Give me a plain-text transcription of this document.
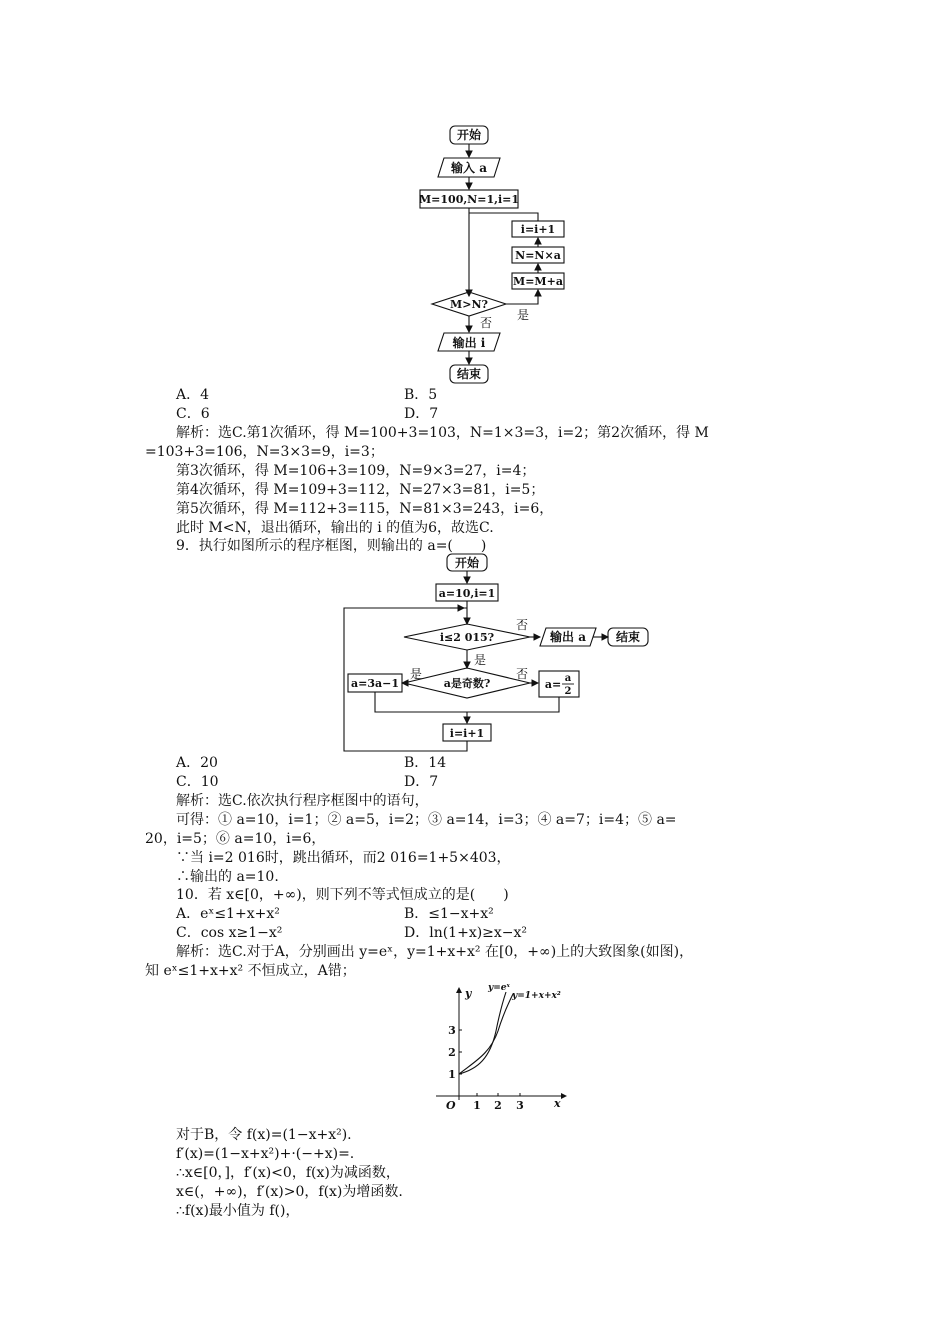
开始
输入 a
M=100,N=1,i=1
i=i+1
N=N×a
M=M+a
M>N?
是
否
输出 i
结束
A．4	B．5
C．6	D．7
解析：选C.第1次循环，得 M=100+3=103，N=1×3=3，i=2；第2次循环，得 M
=103+3=106，N=3×3=9，i=3；
第3次循环，得 M=106+3=109，N=9×3=27，i=4；
第4次循环，得 M=109+3=112，N=27×3=81，i=5；
第5次循环，得 M=112+3=115，N=81×3=243，i=6，
此时 M<N，退出循环，输出的 i 的值为6，故选C.
9．执行如图所示的程序框图，则输出的 a=(　　)
开始
a=10,i=1
i≤2 015?
否
输出 a	结束
是
a是奇数?
是	否
a=3a−1	a= a
2
i=i+1
A．20	B．14
C．10	D．7
解析：选C.依次执行程序框图中的语句，
可得：① a=10，i=1；② a=5，i=2；③ a=14，i=3；④ a=7；i=4；⑤ a=
20，i=5；⑥ a=10，i=6，
∵当 i=2 016时，跳出循环，而2 016=1+5×403，
∴输出的 a=10.
10．若 x∈[0，+∞)，则下列不等式恒成立的是(　　)
A．eˣ≤1+x+x²	B．≤1−x+x²
C．cos x≥1−x²	D．ln(1+x)≥x−x²
解析：选C.对于A，分别画出 y=eˣ，y=1+x+x² 在[0，+∞)上的大致图象(如图)，
知 eˣ≤1+x+x² 不恒成立，A错；
y
x
O
y=eˣ
y=1+x+x²
1 2 3
1
2
3
对于B，令 f(x)=(1−x+x²).
f′(x)=(1−x+x²)+·(−+x)=.
∴x∈[0，]，f′(x)<0，f(x)为减函数，
x∈(，+∞)，f′(x)>0，f(x)为增函数.
∴f(x)最小值为 f()，
